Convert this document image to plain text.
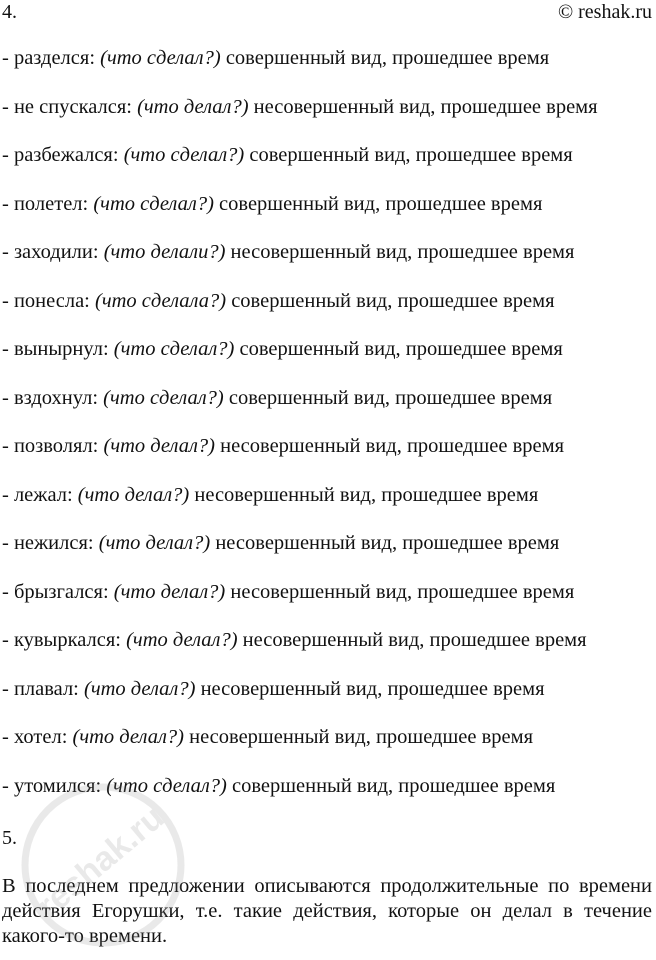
4.	© reshak.ru
- разделся: (что сделал?) совершенный вид, прошедшее время
- не спускался: (что делал?) несовершенный вид, прошедшее время
- разбежался: (что сделал?) совершенный вид, прошедшее время
- полетел: (что сделал?) совершенный вид, прошедшее время
- заходили: (что делали?) несовершенный вид, прошедшее время
- понесла: (что сделала?) совершенный вид, прошедшее время
- вынырнул: (что сделал?) совершенный вид, прошедшее время
- вздохнул: (что сделал?) совершенный вид, прошедшее время
- позволял: (что делал?) несовершенный вид, прошедшее время
- лежал: (что делал?) несовершенный вид, прошедшее время
- нежился: (что делал?) несовершенный вид, прошедшее время
- брызгался: (что делал?) несовершенный вид, прошедшее время
- кувыркался: (что делал?) несовершенный вид, прошедшее время
- плавал: (что делал?) несовершенный вид, прошедшее время
- хотел: (что делал?) несовершенный вид, прошедшее время
- утомился: (что сделал?) совершенный вид, прошедшее время
5.
В последнем предложении описываются продолжительные по времени действия Егорушки, т.е. такие действия, которые он делал в течение какого-то времени.
reshak.ru
